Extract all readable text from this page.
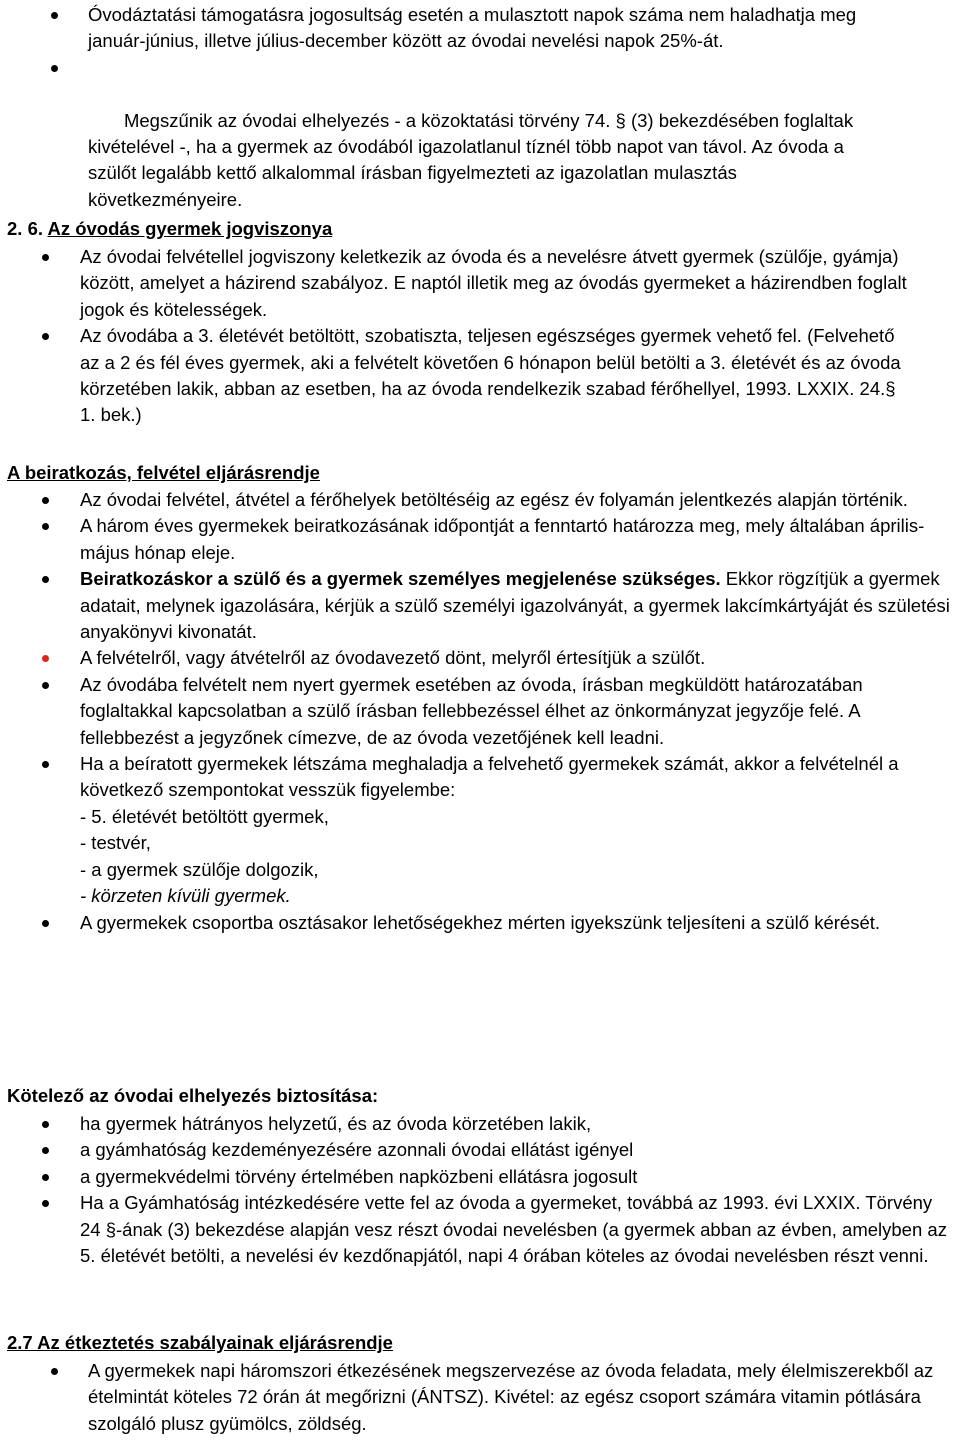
Óvodáztatási támogatásra jogosultság esetén a mulasztott napok száma nem haladhatja meg január-június, illetve július-december között az óvodai nevelési napok 25%-át.

Megszűnik az óvodai elhelyezés - a közoktatási törvény 74. § (3) bekezdésében foglaltak kivételével -, ha a gyermek az óvodából igazolatlanul tíznél több napot van távol. Az óvoda a szülőt legalább kettő alkalommal írásban figyelmezteti az igazolatlan mulasztás következményeire.

2. 6. Az óvodás gyermek jogviszonya
Az óvodai felvétellel jogviszony keletkezik az óvoda és a nevelésre átvett gyermek (szülője, gyámja) között, amelyet a házirend szabályoz. E naptól illetik meg az óvodás gyermeket a házirendben foglalt jogok és kötelességek.
Az óvodába a 3. életévét betöltött, szobatiszta, teljesen egészséges gyermek vehető fel. (Felvehető az a 2 és fél éves gyermek, aki a felvételt követően 6 hónapon belül betölti a 3. életévét és az óvoda körzetében lakik, abban az esetben, ha az óvoda rendelkezik szabad férőhellyel, 1993. LXXIX. 24.§ 1. bek.)
A beiratkozás, felvétel eljárásrendje
Az óvodai felvétel, átvétel a férőhelyek betöltéséig az egész év folyamán jelentkezés alapján történik.
A három éves gyermekek beiratkozásának időpontját a fenntartó határozza meg, mely általában április-május hónap eleje.
Beiratkozáskor a szülő és a gyermek személyes megjelenése szükséges. Ekkor rögzítjük a gyermek adatait, melynek igazolására, kérjük a szülő személyi igazolványát, a gyermek lakcímkártyáját és születési anyakönyvi kivonatát.
A felvételről, vagy átvételről az óvodavezető dönt, melyről értesítjük a szülőt.
Az óvodába felvételt nem nyert gyermek esetében az óvoda, írásban megküldött határozatában foglaltakkal kapcsolatban a szülő írásban fellebbezéssel élhet az önkormányzat jegyzője felé. A fellebbezést a jegyzőnek címezve, de az óvoda vezetőjének kell leadni.
Ha a beíratott gyermekek létszáma meghaladja a felvehető gyermekek számát, akkor a felvételnél a következő szempontokat vesszük figyelembe:
- 5. életévét betöltött gyermek,
- testvér,
- a gyermek szülője dolgozik,
- körzeten kívüli gyermek.
A gyermekek csoportba osztásakor lehetőségekhez mérten igyekszünk teljesíteni a szülő kérését.
Kötelező az óvodai elhelyezés biztosítása:
ha gyermek hátrányos helyzetű, és az óvoda körzetében lakik,
a gyámhatóság kezdeményezésére azonnali óvodai ellátást igényel
a gyermekvédelmi törvény értelmében napközbeni ellátásra jogosult
Ha a Gyámhatóság intézkedésére vette fel az óvoda a gyermeket, továbbá az 1993. évi LXXIX. Törvény 24 §-ának (3) bekezdése alapján vesz részt óvodai nevelésben (a gyermek abban az évben, amelyben az 5. életévét betölti, a nevelési év kezdőnapjától, napi 4 órában köteles az óvodai nevelésben részt venni.
2.7 Az étkeztetés szabályainak eljárásrendje
A gyermekek napi háromszori étkezésének megszervezése az óvoda feladata, mely élelmiszerekből az ételmintát köteles 72 órán át megőrizni (ÁNTSZ). Kivétel: az egész csoport számára vitamin pótlására szolgáló plusz gyümölcs, zöldség.
